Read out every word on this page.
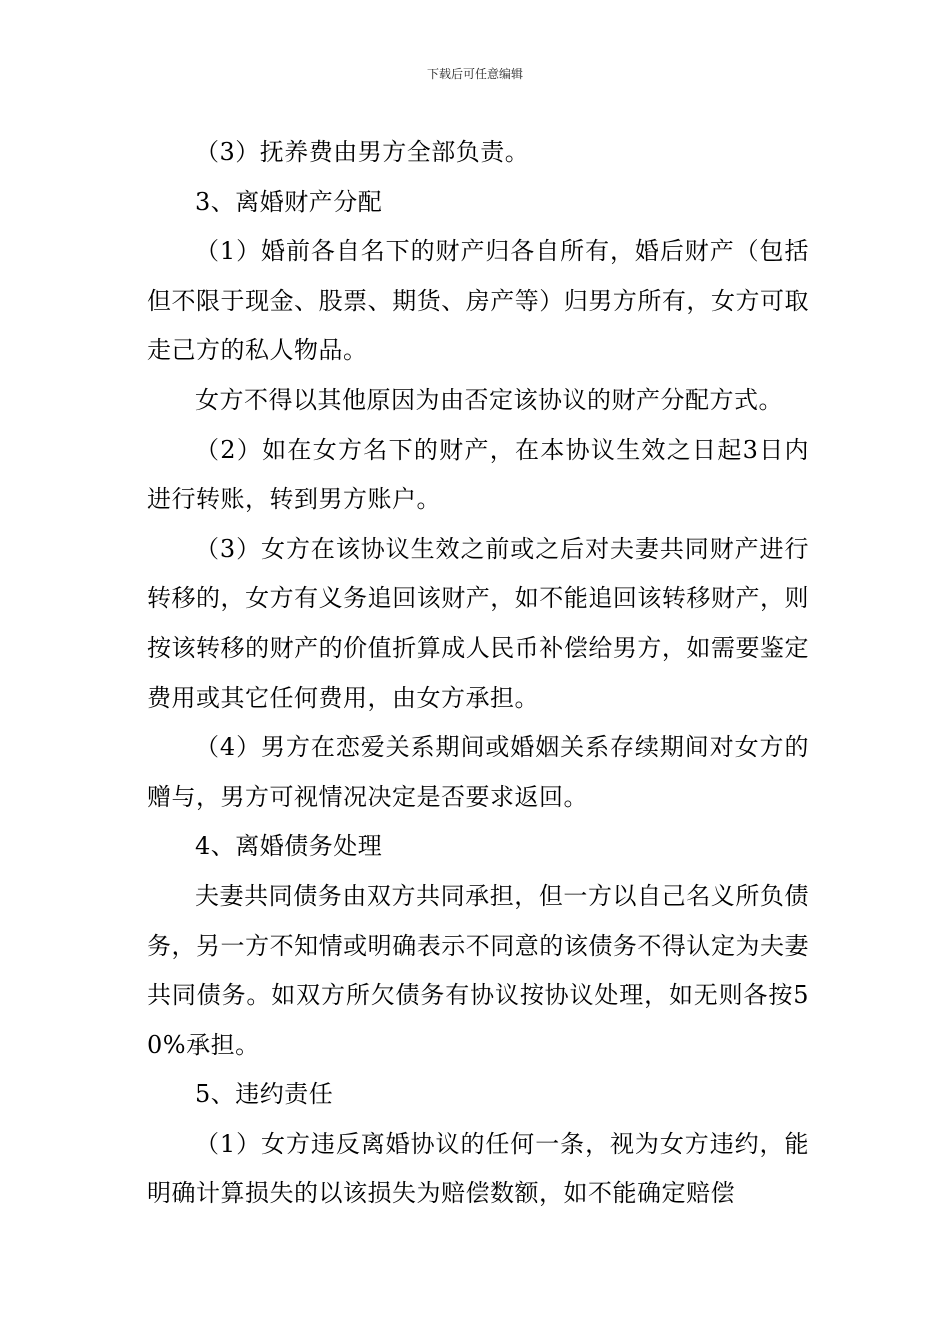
下载后可任意编辑

（3）抚养费由男方全部负责。

3、离婚财产分配

（1）婚前各自名下的财产归各自所有，婚后财产（包括但不限于现金、股票、期货、房产等）归男方所有，女方可取走己方的私人物品。

女方不得以其他原因为由否定该协议的财产分配方式。

（2）如在女方名下的财产，在本协议生效之日起3日内进行转账，转到男方账户。

（3）女方在该协议生效之前或之后对夫妻共同财产进行转移的，女方有义务追回该财产，如不能追回该转移财产，则按该转移的财产的价值折算成人民币补偿给男方，如需要鉴定费用或其它任何费用，由女方承担。

（4）男方在恋爱关系期间或婚姻关系存续期间对女方的赠与，男方可视情况决定是否要求返回。

4、离婚债务处理

夫妻共同债务由双方共同承担，但一方以自己名义所负债务，另一方不知情或明确表示不同意的该债务不得认定为夫妻共同债务。如双方所欠债务有协议按协议处理，如无则各按50%承担。

5、违约责任

（1）女方违反离婚协议的任何一条，视为女方违约，能明确计算损失的以该损失为赔偿数额，如不能确定赔偿
